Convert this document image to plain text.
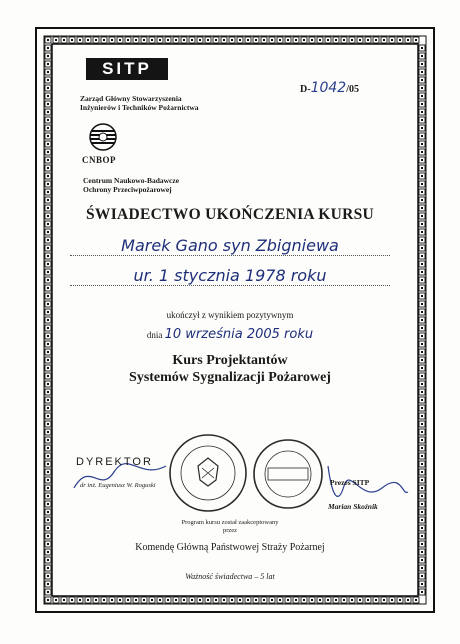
SITP
Zarząd Główny Stowarzyszenia
Inżynierów i Techników Pożarnictwa
D-1042/05
CNBOP
Centrum Naukowo-Badawcze
Ochrony Przeciwpożarowej
ŚWIADECTWO UKOŃCZENIA KURSU
Marek Gano syn Zbigniewa
ur. 1 stycznia 1978 roku
ukończył z wynikiem pozytywnym
dnia 10 września 2005 roku
Kurs Projektantów
Systemów Sygnalizacji Pożarowej
DYREKTOR
dr inż. Eugeniusz W. Roguski	Prezes SITP
Marian Skoźnik
Program kursu został zaakceptowany
przez
Komendę Główną Państwowej Straży Pożarnej
Ważność świadectwa – 5 lat
